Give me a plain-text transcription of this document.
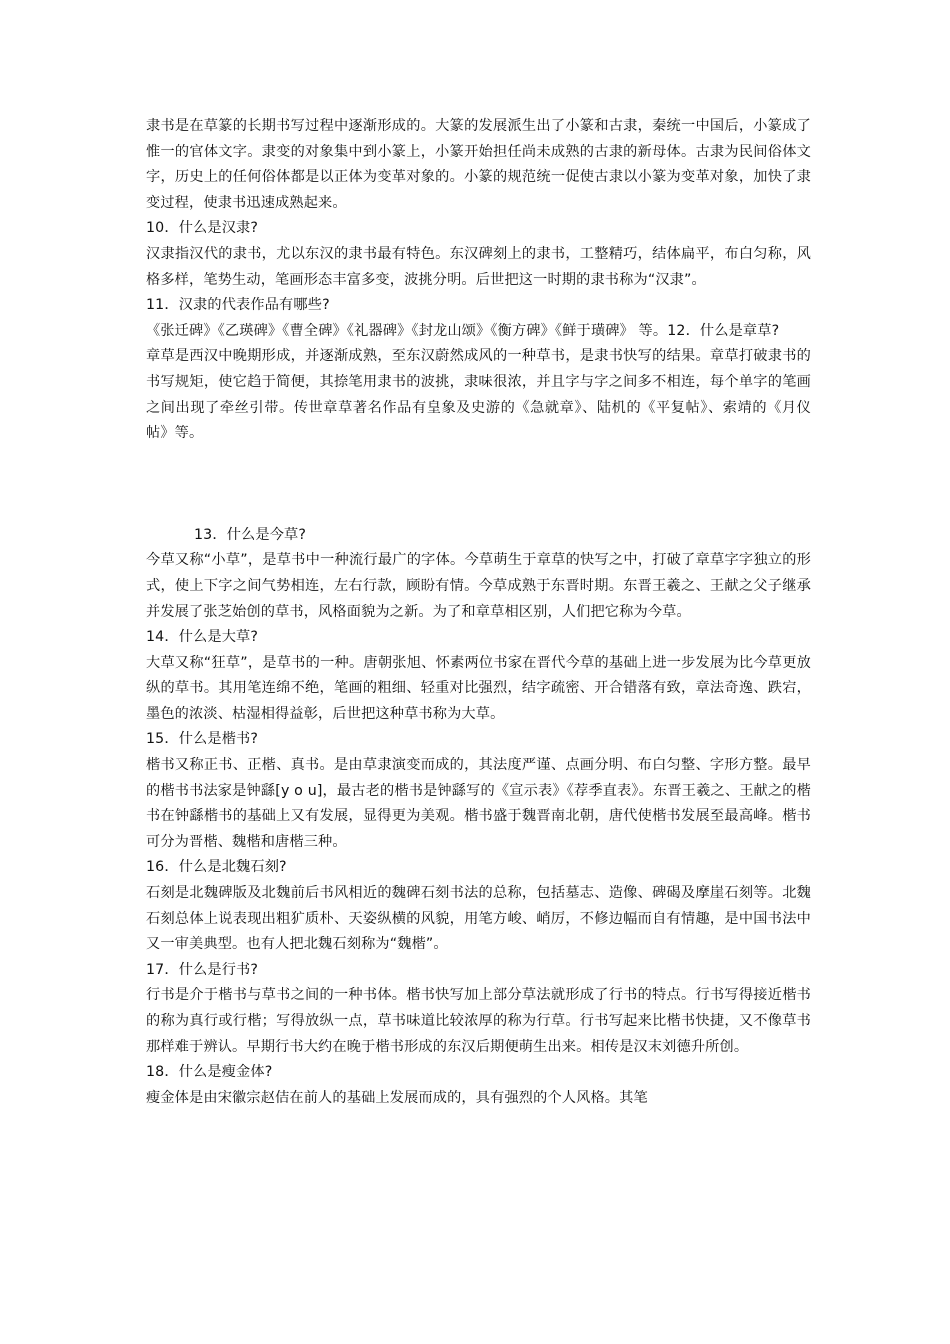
隶书是在草篆的长期书写过程中逐渐形成的。大篆的发展派生出了小篆和古隶，秦统一中国后，小篆成了惟一的官体文字。隶变的对象集中到小篆上，小篆开始担任尚未成熟的古隶的新母体。古隶为民间俗体文字，历史上的任何俗体都是以正体为变革对象的。小篆的规范统一促使古隶以小篆为变革对象，加快了隶变过程，使隶书迅速成熟起来。

10．什么是汉隶?

汉隶指汉代的隶书，尤以东汉的隶书最有特色。东汉碑刻上的隶书，工整精巧，结体扁平，布白匀称，风格多样，笔势生动，笔画形态丰富多变，波挑分明。后世把这一时期的隶书称为“汉隶”。

11．汉隶的代表作品有哪些?

《张迁碑》《乙瑛碑》《曹全碑》《礼器碑》《封龙山颂》《衡方碑》《鲜于璜碑》 等。12．什么是章草?

章草是西汉中晚期形成，并逐渐成熟，至东汉蔚然成风的一种草书，是隶书快写的结果。章草打破隶书的书写规矩，使它趋于简便，其捺笔用隶书的波挑，隶味很浓，并且字与字之间多不相连，每个单字的笔画之间出现了牵丝引带。传世章草著名作品有皇象及史游的《急就章》、陆机的《平复帖》、索靖的《月仪帖》等。

13．什么是今草?

今草又称“小草”，是草书中一种流行最广的字体。今草萌生于章草的快写之中，打破了章草字字独立的形式，使上下字之间气势相连，左右行款，顾盼有情。今草成熟于东晋时期。东晋王羲之、王献之父子继承并发展了张芝始创的草书，风格面貌为之新。为了和章草相区别，人们把它称为今草。

14．什么是大草?

大草又称“狂草”，是草书的一种。唐朝张旭、怀素两位书家在晋代今草的基础上进一步发展为比今草更放纵的草书。其用笔连绵不绝，笔画的粗细、轻重对比强烈，结字疏密、开合错落有致，章法奇逸、跌宕，墨色的浓淡、枯湿相得益彰，后世把这种草书称为大草。

15．什么是楷书?

楷书又称正书、正楷、真书。是由草隶演变而成的，其法度严谨、点画分明、布白匀整、字形方整。最早的楷书书法家是钟繇[y o u]，最古老的楷书是钟繇写的《宣示表》《荐季直表》。东晋王羲之、王献之的楷书在钟繇楷书的基础上又有发展，显得更为美观。楷书盛于魏晋南北朝，唐代使楷书发展至最高峰。楷书可分为晋楷、魏楷和唐楷三种。

16．什么是北魏石刻?

石刻是北魏碑版及北魏前后书风相近的魏碑石刻书法的总称，包括墓志、造像、碑碣及摩崖石刻等。北魏石刻总体上说表现出粗犷质朴、天姿纵横的风貌，用笔方峻、峭厉，不修边幅而自有情趣，是中国书法中又一审美典型。也有人把北魏石刻称为“魏楷”。

17．什么是行书?

行书是介于楷书与草书之间的一种书体。楷书快写加上部分草法就形成了行书的特点。行书写得接近楷书的称为真行或行楷；写得放纵一点，草书味道比较浓厚的称为行草。行书写起来比楷书快捷，又不像草书那样难于辨认。早期行书大约在晚于楷书形成的东汉后期便萌生出来。相传是汉末刘德升所创。

18．什么是瘦金体?

瘦金体是由宋徽宗赵佶在前人的基础上发展而成的，具有强烈的个人风格。其笔
